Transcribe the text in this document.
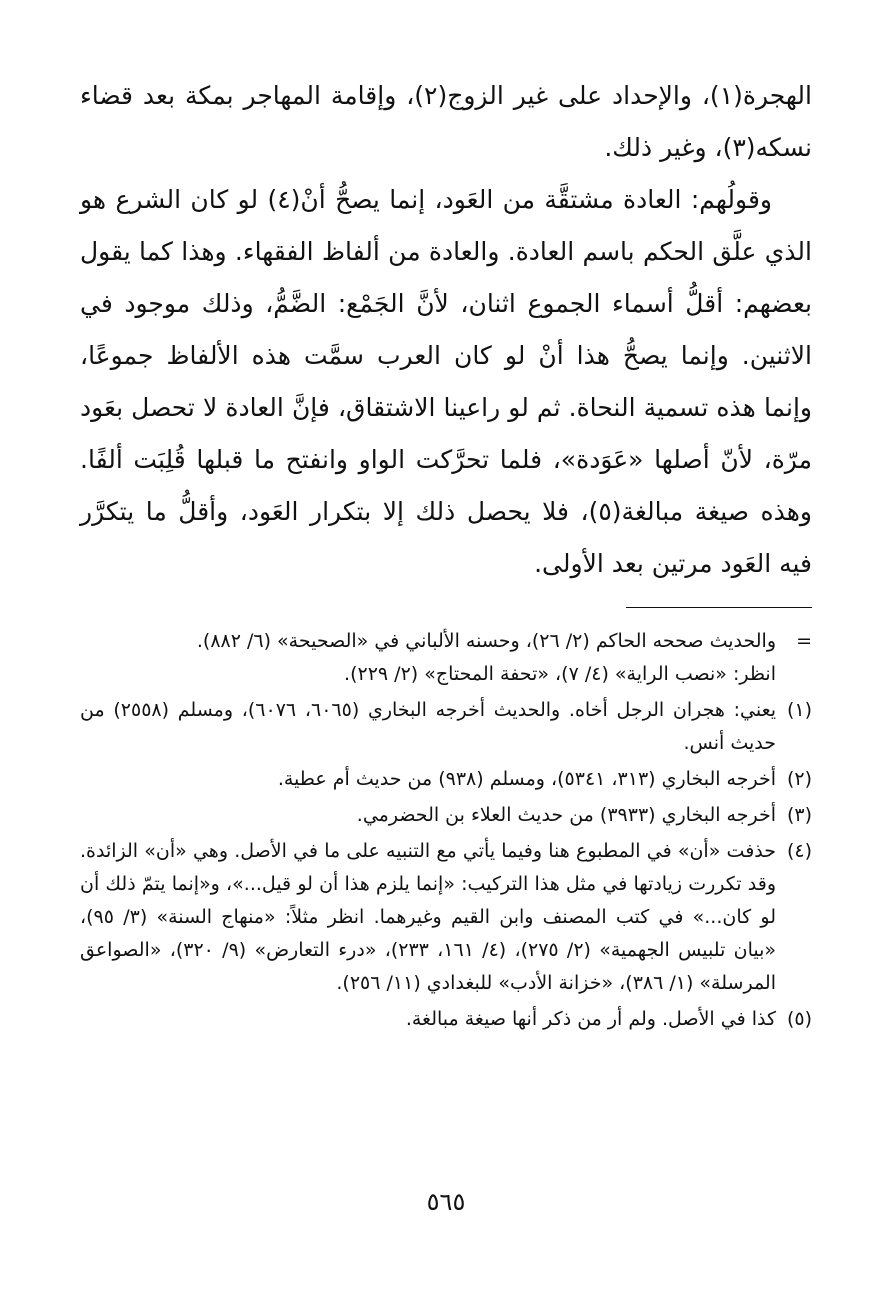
الهجرة(١)، والإحداد على غير الزوج(٢)، وإقامة المهاجر بمكة بعد قضاء نسكه(٣)، وغير ذلك.

وقولُهم: العادة مشتقَّة من العَود، إنما يصحُّ أنْ(٤) لو كان الشرع هو الذي علَّق الحكم باسم العادة. والعادة من ألفاظ الفقهاء. وهذا كما يقول بعضهم: أقلُّ أسماء الجموع اثنان، لأنَّ الجَمْع: الضَّمُّ، وذلك موجود في الاثنين. وإنما يصحُّ هذا أنْ لو كان العرب سمَّت هذه الألفاظ جموعًا، وإنما هذه تسمية النحاة. ثم لو راعينا الاشتقاق، فإنَّ العادة لا تحصل بعَود مرّة، لأنّ أصلها «عَوَدة»، فلما تحرَّكت الواو وانفتح ما قبلها قُلِبَت ألفًا. وهذه صيغة مبالغة(٥)، فلا يحصل ذلك إلا بتكرار العَود، وأقلُّ ما يتكرَّر فيه العَود مرتين بعد الأولى.

=
والحديث صححه الحاكم (٢/ ٢٦)، وحسنه الألباني في «الصحيحة» (٦/ ٨٨٢).
انظر: «نصب الراية» (٤/ ٧)، «تحفة المحتاج» (٢/ ٢٢٩).
(١)
يعني: هجران الرجل أخاه. والحديث أخرجه البخاري (٦٠٦٥، ٦٠٧٦)، ومسلم (٢٥٥٨) من حديث أنس.
(٢)
أخرجه البخاري (٣١٣، ٥٣٤١)، ومسلم (٩٣٨) من حديث أم عطية.
(٣)
أخرجه البخاري (٣٩٣٣) من حديث العلاء بن الحضرمي.
(٤)
حذفت «أن» في المطبوع هنا وفيما يأتي مع التنبيه على ما في الأصل. وهي «أن» الزائدة. وقد تكررت زيادتها في مثل هذا التركيب: «إنما يلزم هذا أن لو قيل...»، و«إنما يتمّ ذلك أن لو كان...» في كتب المصنف وابن القيم وغيرهما. انظر مثلاً: «منهاج السنة» (٣/ ٩٥)، «بيان تلبيس الجهمية» (٢/ ٢٧٥)، (٤/ ١٦١، ٢٣٣)، «درء التعارض» (٩/ ٣٢٠)، «الصواعق المرسلة» (١/ ٣٨٦)، «خزانة الأدب» للبغدادي (١١/ ٢٥٦).
(٥)
كذا في الأصل. ولم أر من ذكر أنها صيغة مبالغة.
٥٦٥
